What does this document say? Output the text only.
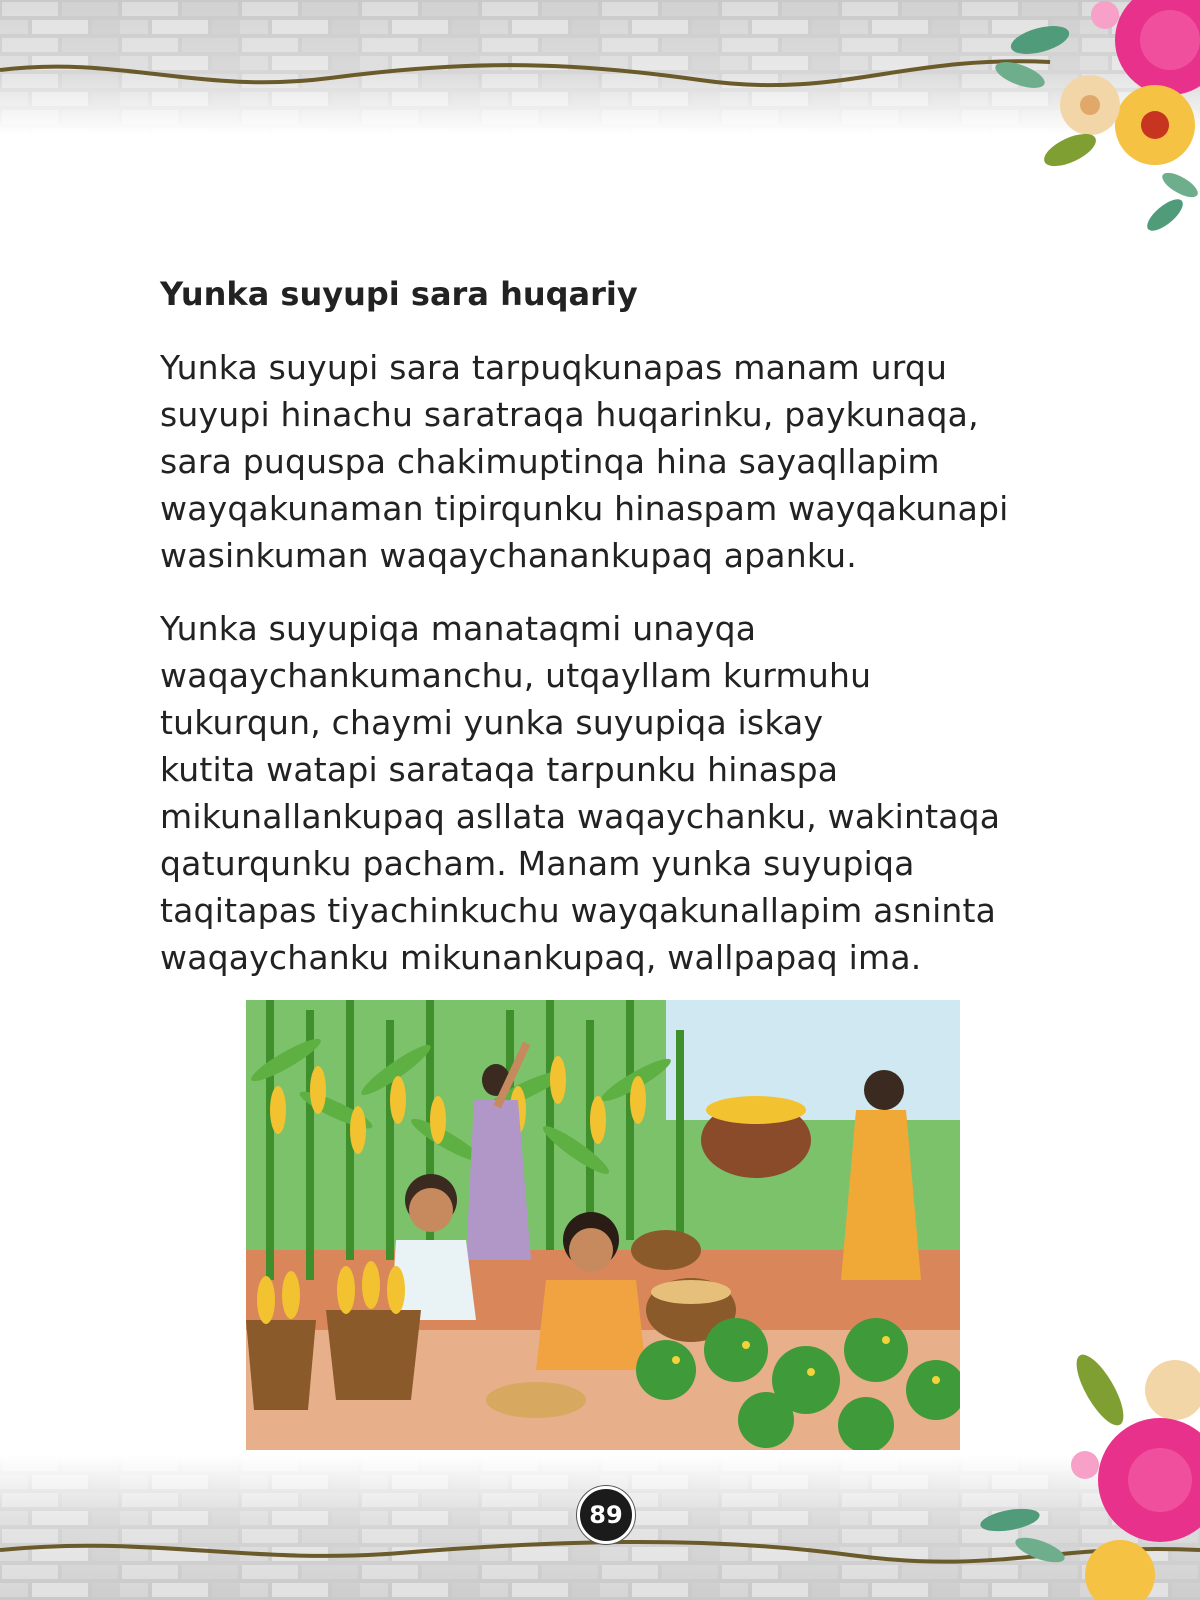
Yunka suyupi sara huqariy
Yunka suyupi sara tarpuqkunapas manam urqu
suyupi hinachu saratraqa huqarinku, paykunaqa,
sara puquspa chakimuptinqa hina sayaqllapim
wayqakunaman tipirqunku hinaspam wayqakunapi
wasinkuman waqaychanankupaq apanku.
Yunka suyupiqa manataqmi unayqa
waqaychankumanchu, utqayllam kurmuhu
tukurqun, chaymi yunka suyupiqa iskay
kutita watapi sarataqa tarpunku hinaspa
mikunallankupaq asllata waqaychanku, wakintaqa
qaturqunku pacham. Manam yunka suyupiqa
taqitapas tiyachinkuchu wayqakunallapim asninta
waqaychanku mikunankupaq, wallpapaq ima.
89
